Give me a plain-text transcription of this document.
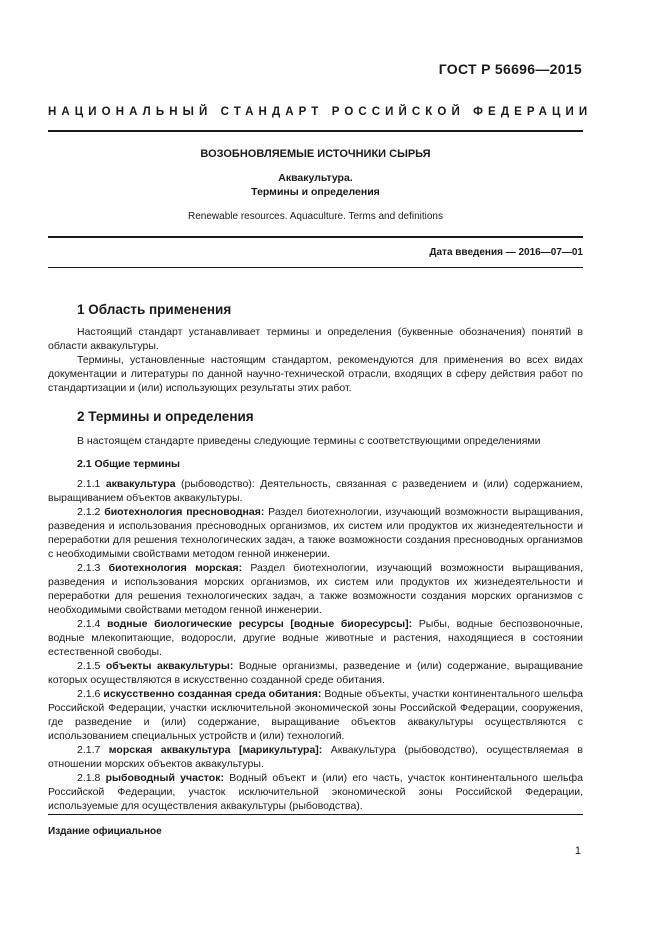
ГОСТ Р 56696—2015
НАЦИОНАЛЬНЫЙ СТАНДАРТ РОССИЙСКОЙ ФЕДЕРАЦИИ
ВОЗОБНОВЛЯЕМЫЕ ИСТОЧНИКИ СЫРЬЯ
Аквакультура.
Термины и определения
Renewable resources. Aquaculture. Terms and definitions
Дата введения — 2016—07—01
1 Область применения

Настоящий стандарт устанавливает термины и определения (буквенные обозначения) понятий в области аквакультуры.

Термины, установленные настоящим стандартом, рекомендуются для применения во всех видах документации и литературы по данной научно-технической отрасли, входящих в сферу действия работ по стандартизации и (или) использующих результаты этих работ.

2 Термины и определения

В настоящем стандарте приведены следующие термины с соответствующими определениями

2.1 Общие термины

2.1.1 аквакультура (рыбоводство): Деятельность, связанная с разведением и (или) содержанием, выращиванием объектов аквакультуры.

2.1.2 биотехнология пресноводная: Раздел биотехнологии, изучающий возможности выращивания, разведения и использования пресноводных организмов, их систем или продуктов их жизнедеятельности и переработки для решения технологических задач, а также возможности создания пресноводных организмов с необходимыми свойствами методом генной инженерии.

2.1.3 биотехнология морская: Раздел биотехнологии, изучающий возможности выращивания, разведения и использования морских организмов, их систем или продуктов их жизнедеятельности и переработки для решения технологических задач, а также возможности создания морских организмов с необходимыми свойствами методом генной инженерии.

2.1.4 водные биологические ресурсы [водные биоресурсы]: Рыбы, водные беспозвоночные, водные млекопитающие, водоросли, другие водные животные и растения, находящиеся в состоянии естественной свободы.

2.1.5 объекты аквакультуры: Водные организмы, разведение и (или) содержание, выращивание которых осуществляются в искусственно созданной среде обитания.

2.1.6 искусственно созданная среда обитания: Водные объекты, участки континентального шельфа Российской Федерации, участки исключительной экономической зоны Российской Федерации, сооружения, где разведение и (или) содержание, выращивание объектов аквакультуры осуществляются с использованием специальных устройств и (или) технологий.

2.1.7 морская аквакультура [марикультура]: Аквакультура (рыбоводство), осуществляемая в отношении морских объектов аквакультуры.

2.1.8 рыбоводный участок: Водный объект и (или) его часть, участок континентального шельфа Российской Федерации, участок исключительной экономической зоны Российской Федерации, используемые для осуществления аквакультуры (рыбоводства).

Издание официальное
1
